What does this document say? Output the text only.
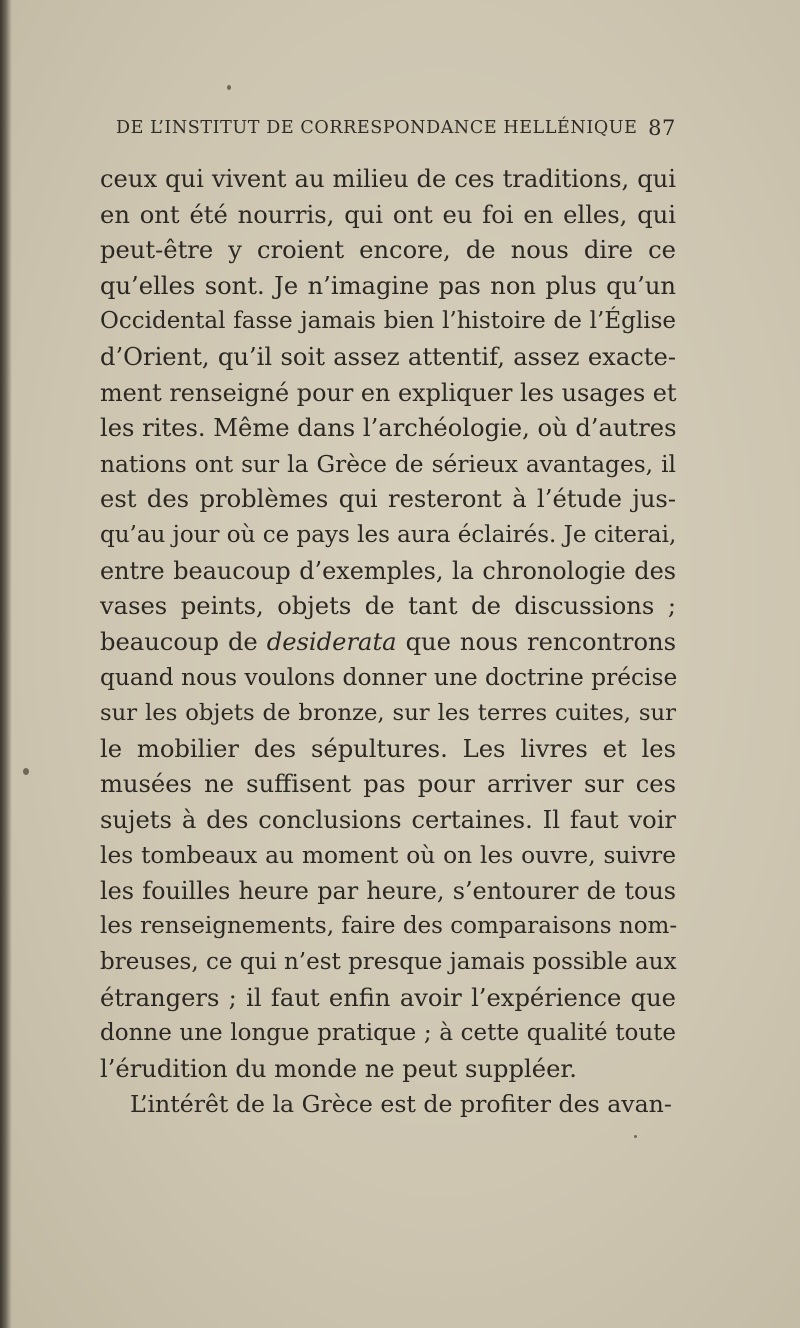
DE L’INSTITUT DE CORRESPONDANCE HELLÉNIQUE 87
ceux qui vivent au milieu de ces traditions, qui
en ont été nourris, qui ont eu foi en elles, qui
peut-être y croient encore, de nous dire ce
qu’elles sont. Je n’imagine pas non plus qu’un
Occidental fasse jamais bien l’histoire de l’Église
d’Orient, qu’il soit assez attentif, assez exacte-
ment renseigné pour en expliquer les usages et
les rites. Même dans l’archéologie, où d’autres
nations ont sur la Grèce de sérieux avantages, il
est des problèmes qui resteront à l’étude jus-
qu’au jour où ce pays les aura éclairés. Je citerai,
entre beaucoup d’exemples, la chronologie des
vases peints, objets de tant de discussions ;
beaucoup de desiderata que nous rencontrons
quand nous voulons donner une doctrine précise
sur les objets de bronze, sur les terres cuites, sur
le mobilier des sépultures. Les livres et les
musées ne suffisent pas pour arriver sur ces
sujets à des conclusions certaines. Il faut voir
les tombeaux au moment où on les ouvre, suivre
les fouilles heure par heure, s’entourer de tous
les renseignements, faire des comparaisons nom-
breuses, ce qui n’est presque jamais possible aux
étrangers ; il faut enfin avoir l’expérience que
donne une longue pratique ; à cette qualité toute
l’érudition du monde ne peut suppléer.
L’intérêt de la Grèce est de profiter des avan-
